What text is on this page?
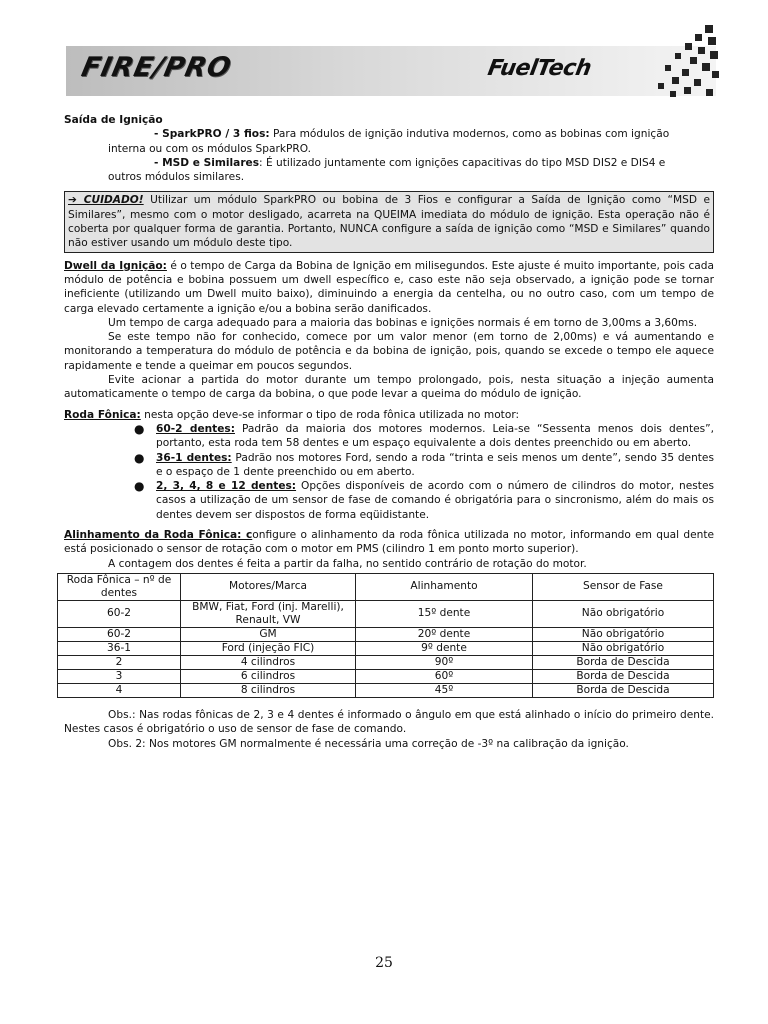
FIRE/PRO	FuelTech

Saída de Ignição

- SparkPRO / 3 fios: Para módulos de ignição indutiva modernos, como as bobinas com ignição

interna ou com os módulos SparkPRO.

- MSD e Similares: É utilizado juntamente com ignições capacitivas do tipo MSD DIS2 e DIS4 e

outros módulos similares.

➔ CUIDADO! Utilizar um módulo SparkPRO ou bobina de 3 Fios e configurar a Saída de Ignição como “MSD e Similares”, mesmo com o motor desligado, acarreta na QUEIMA imediata do módulo de ignição. Esta operação não é coberta por qualquer forma de garantia. Portanto, NUNCA configure a saída de ignição como “MSD e Similares” quando não estiver usando um módulo deste tipo.

Dwell da Ignição: é o tempo de Carga da Bobina de Ignição em milisegundos. Este ajuste é muito importante, pois cada módulo de potência e bobina possuem um dwell específico e, caso este não seja observado, a ignição pode se tornar ineficiente (utilizando um Dwell muito baixo), diminuindo a energia da centelha, ou no outro caso, com um tempo de carga elevado certamente a ignição e/ou a bobina serão danificados.

Um tempo de carga adequado para a maioria das bobinas e ignições normais é em torno de 3,00ms a 3,60ms.

Se este tempo não for conhecido, comece por um valor menor (em torno de 2,00ms) e vá aumentando e monitorando a temperatura do módulo de potência e da bobina de ignição, pois, quando se excede o tempo ele aquece rapidamente e tende a queimar em poucos segundos.

Evite acionar a partida do motor durante um tempo prolongado, pois, nesta situação a injeção aumenta automaticamente o tempo de carga da bobina, o que pode levar a queima do módulo de ignição.

Roda Fônica: nesta opção deve-se informar o tipo de roda fônica utilizada no motor:

● 60-2 dentes: Padrão da maioria dos motores modernos. Leia-se “Sessenta menos dois dentes”, portanto, esta roda tem 58 dentes e um espaço equivalente a dois dentes preenchido ou em aberto.
● 36-1 dentes: Padrão nos motores Ford, sendo a roda “trinta e seis menos um dente”, sendo 35 dentes e o espaço de 1 dente preenchido ou em aberto.
● 2, 3, 4, 8 e 12 dentes: Opções disponíveis de acordo com o número de cilindros do motor, nestes casos a utilização de um sensor de fase de comando é obrigatória para o sincronismo, além do mais os dentes devem ser dispostos de forma eqüidistante.

Alinhamento da Roda Fônica: configure o alinhamento da roda fônica utilizada no motor, informando em qual dente está posicionado o sensor de rotação com o motor em PMS (cilindro 1 em ponto morto superior).

A contagem dos dentes é feita a partir da falha, no sentido contrário de rotação do motor.

Roda Fônica – nº de dentes	Motores/Marca	Alinhamento	Sensor de Fase
60-2	BMW, Fiat, Ford (inj. Marelli), Renault, VW	15º dente	Não obrigatório
60-2	GM	20º dente	Não obrigatório
36-1	Ford (injeção FIC)	9º dente	Não obrigatório
2	4 cilindros	90º	Borda de Descida
3	6 cilindros	60º	Borda de Descida
4	8 cilindros	45º	Borda de Descida

Obs.: Nas rodas fônicas de 2, 3 e 4 dentes é informado o ângulo em que está alinhado o início do primeiro dente. Nestes casos é obrigatório o uso de sensor de fase de comando.

Obs. 2: Nos motores GM normalmente é necessária uma correção de -3º na calibração da ignição.

25
